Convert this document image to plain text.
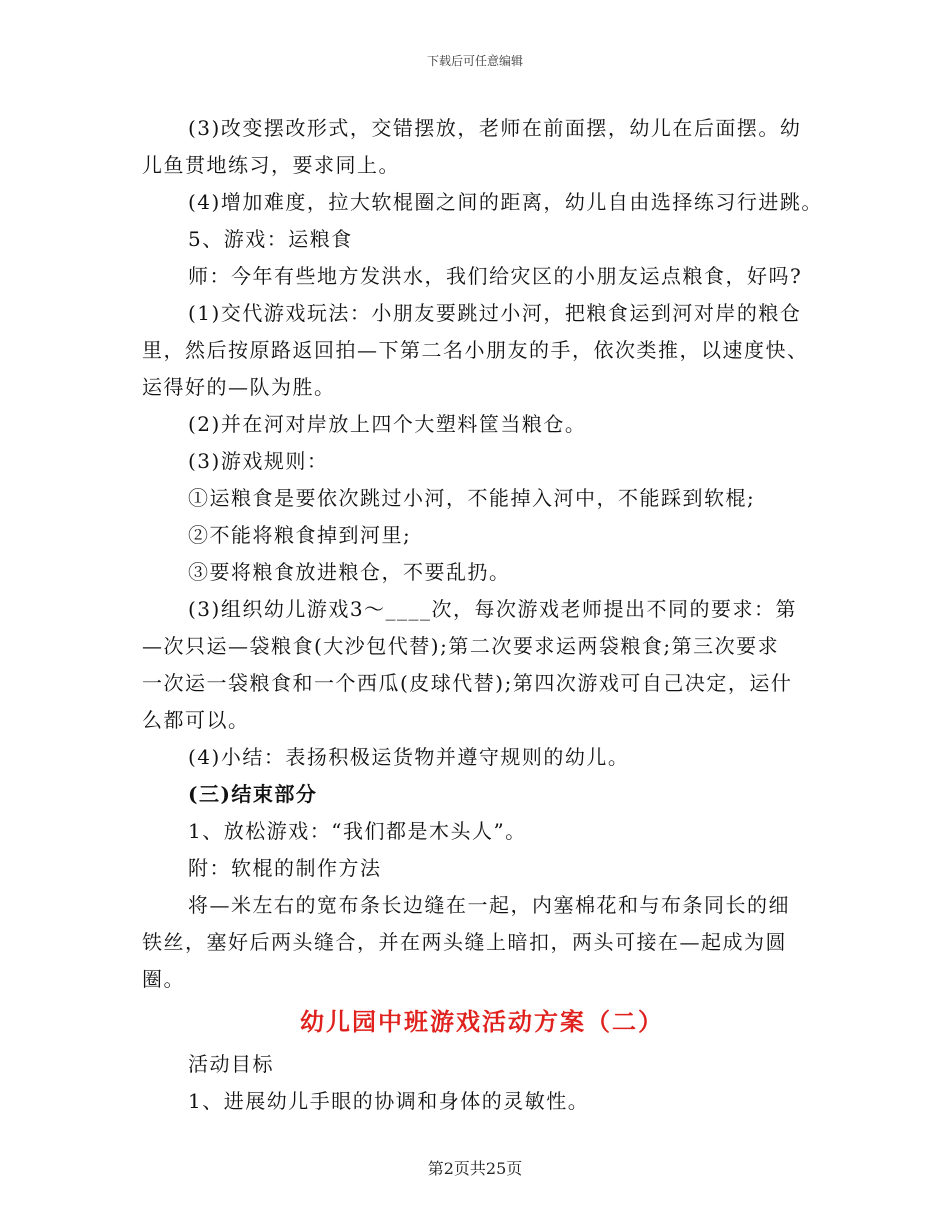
下载后可任意编辑

(3)改变摆改形式，交错摆放，老师在前面摆，幼儿在后面摆。幼

儿鱼贯地练习，要求同上。

(4)增加难度，拉大软棍圈之间的距离，幼儿自由选择练习行进跳。

5、游戏：运粮食

师：今年有些地方发洪水，我们给灾区的小朋友运点粮食，好吗?

(1)交代游戏玩法：小朋友要跳过小河，把粮食运到河对岸的粮仓

里，然后按原路返回拍—下第二名小朋友的手，依次类推，以速度快、

运得好的—队为胜。

(2)并在河对岸放上四个大塑料筐当粮仓。

(3)游戏规则：

①运粮食是要依次跳过小河，不能掉入河中，不能踩到软棍;

②不能将粮食掉到河里;

③要将粮食放进粮仓，不要乱扔。

(3)组织幼儿游戏3～____次，每次游戏老师提出不同的要求：第

—次只运—袋粮食(大沙包代替);第二次要求运两袋粮食;第三次要求

一次运一袋粮食和一个西瓜(皮球代替);第四次游戏可自己决定，运什

么都可以。

(4)小结：表扬积极运货物并遵守规则的幼儿。

(三)结束部分

1、放松游戏：“我们都是木头人”。

附：软棍的制作方法

将—米左右的宽布条长边缝在一起，内塞棉花和与布条同长的细

铁丝，塞好后两头缝合，并在两头缝上暗扣，两头可接在—起成为圆

圈。

幼儿园中班游戏活动方案（二）

活动目标

1、进展幼儿手眼的协调和身体的灵敏性。

第2页共25页
